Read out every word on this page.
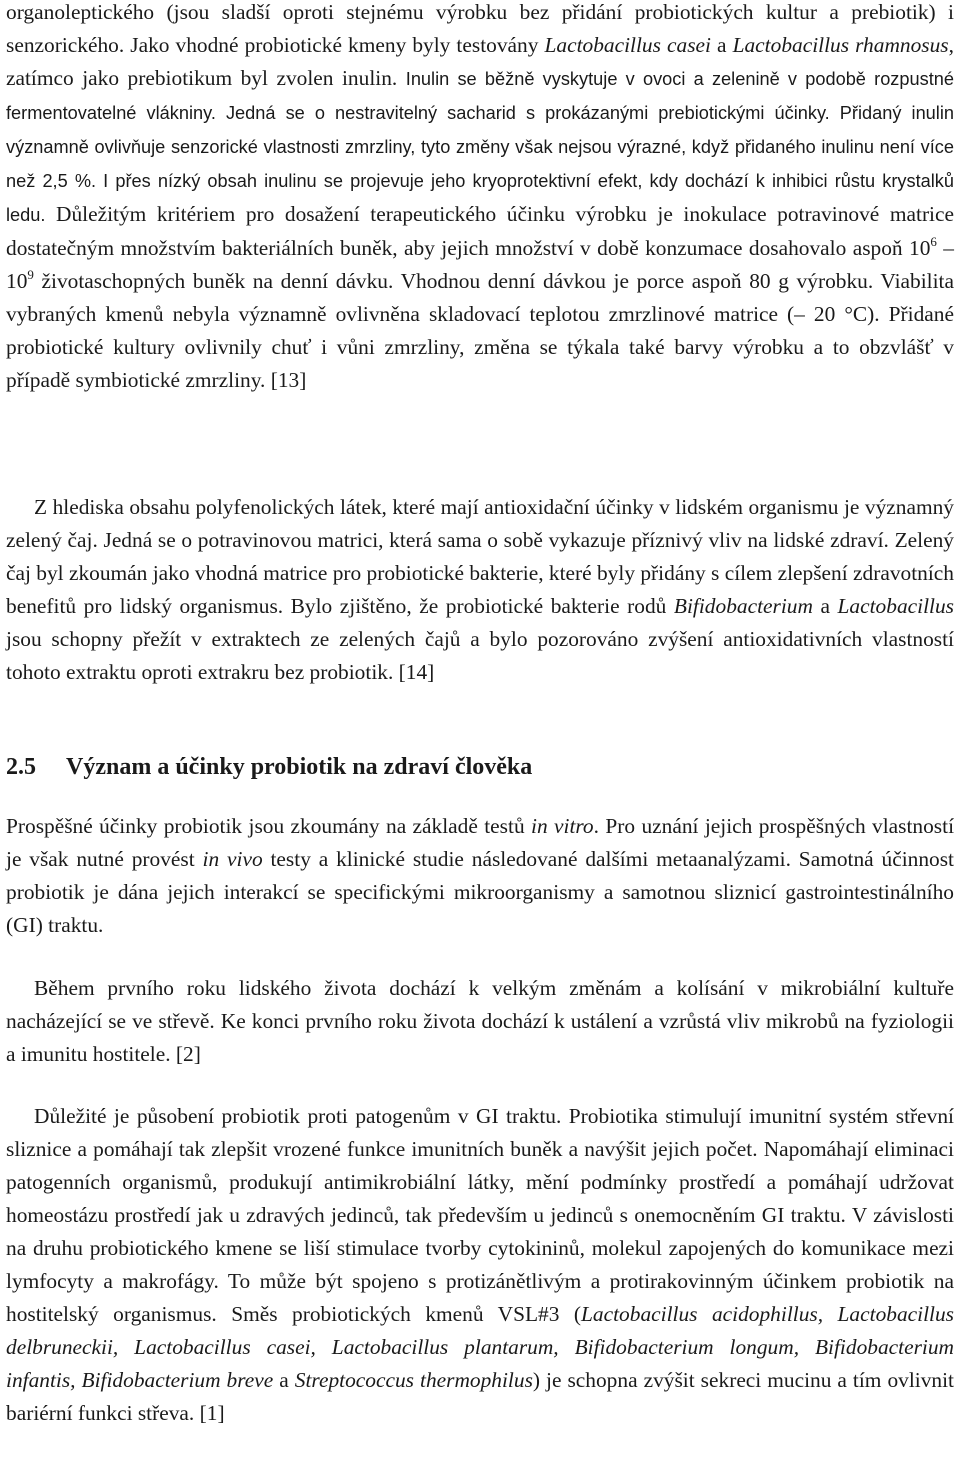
organoleptického (jsou sladší oproti stejnému výrobku bez přidání probiotických kultur a prebiotik) i senzorického. Jako vhodné probiotické kmeny byly testovány Lactobacillus casei a Lactobacillus rhamnosus, zatímco jako prebiotikum byl zvolen inulin. Inulin se běžně vyskytuje v ovoci a zelenině v podobě rozpustné fermentovatelné vlákniny. Jedná se o nestravitelný sacharid s prokázanými prebiotickými účinky. Přidaný inulin významně ovlivňuje senzorické vlastnosti zmrzliny, tyto změny však nejsou výrazné, když přidaného inulinu není více než 2,5 %. I přes nízký obsah inulinu se projevuje jeho kryoprotektivní efekt, kdy dochází k inhibici růstu krystalků ledu. Důležitým kritériem pro dosažení terapeutického účinku výrobku je inokulace potravinové matrice dostatečným množstvím bakteriálních buněk, aby jejich množství v době konzumace dosahovalo aspoň $10^6 - 10^9$ životaschopných buněk na denní dávku. Vhodnou denní dávkou je porce aspoň 80 g výrobku. Viabilita vybraných kmenů nebyla významně ovlivněna skladovací teplotou zmrzlinové matrice (– 20 °C). Přidané probiotické kultury ovlivnily chuť i vůni zmrzliny, změna se týkala také barvy výrobku a to obzvlášť v případě symbiotické zmrzliny. [13]

Z hlediska obsahu polyfenolických látek, které mají antioxidační účinky v lidském organismu je významný zelený čaj. Jedná se o potravinovou matrici, která sama o sobě vykazuje příznivý vliv na lidské zdraví. Zelený čaj byl zkoumán jako vhodná matrice pro probiotické bakterie, které byly přidány s cílem zlepšení zdravotních benefitů pro lidský organismus. Bylo zjištěno, že probiotické bakterie rodů Bifidobacterium a Lactobacillus jsou schopny přežít v extraktech ze zelených čajů a bylo pozorováno zvýšení antioxidativních vlastností tohoto extraktu oproti extrakru bez probiotik. [14]

2.5 Význam a účinky probiotik na zdraví člověka

Prospěšné účinky probiotik jsou zkoumány na základě testů in vitro. Pro uznání jejich prospěšných vlastností je však nutné provést in vivo testy a klinické studie následované dalšími metaanalýzami. Samotná účinnost probiotik je dána jejich interakcí se specifickými mikroorganismy a samotnou sliznicí gastrointestinálního (GI) traktu.

Během prvního roku lidského života dochází k velkým změnám a kolísání v mikrobiální kultuře nacházející se ve střevě. Ke konci prvního roku života dochází k ustálení a vzrůstá vliv mikrobů na fyziologii a imunitu hostitele. [2]

Důležité je působení probiotik proti patogenům v GI traktu. Probiotika stimulují imunitní systém střevní sliznice a pomáhají tak zlepšit vrozené funkce imunitních buněk a navýšit jejich počet. Napomáhají eliminaci patogenních organismů, produkují antimikrobiální látky, mění podmínky prostředí a pomáhají udržovat homeostázu prostředí jak u zdravých jedinců, tak především u jedinců s onemocněním GI traktu. V závislosti na druhu probiotického kmene se liší stimulace tvorby cytokininů, molekul zapojených do komunikace mezi lymfocyty a makrofágy. To může být spojeno s protizánětlivým a protirakovinným účinkem probiotik na hostitelský organismus. Směs probiotických kmenů VSL#3 (Lactobacillus acidophillus, Lactobacillus delbruneckii, Lactobacillus casei, Lactobacillus plantarum, Bifidobacterium longum, Bifidobacterium infantis, Bifidobacterium breve a Streptococcus thermophilus) je schopna zvýšit sekreci mucinu a tím ovlivnit bariérní funkci střeva. [1]
